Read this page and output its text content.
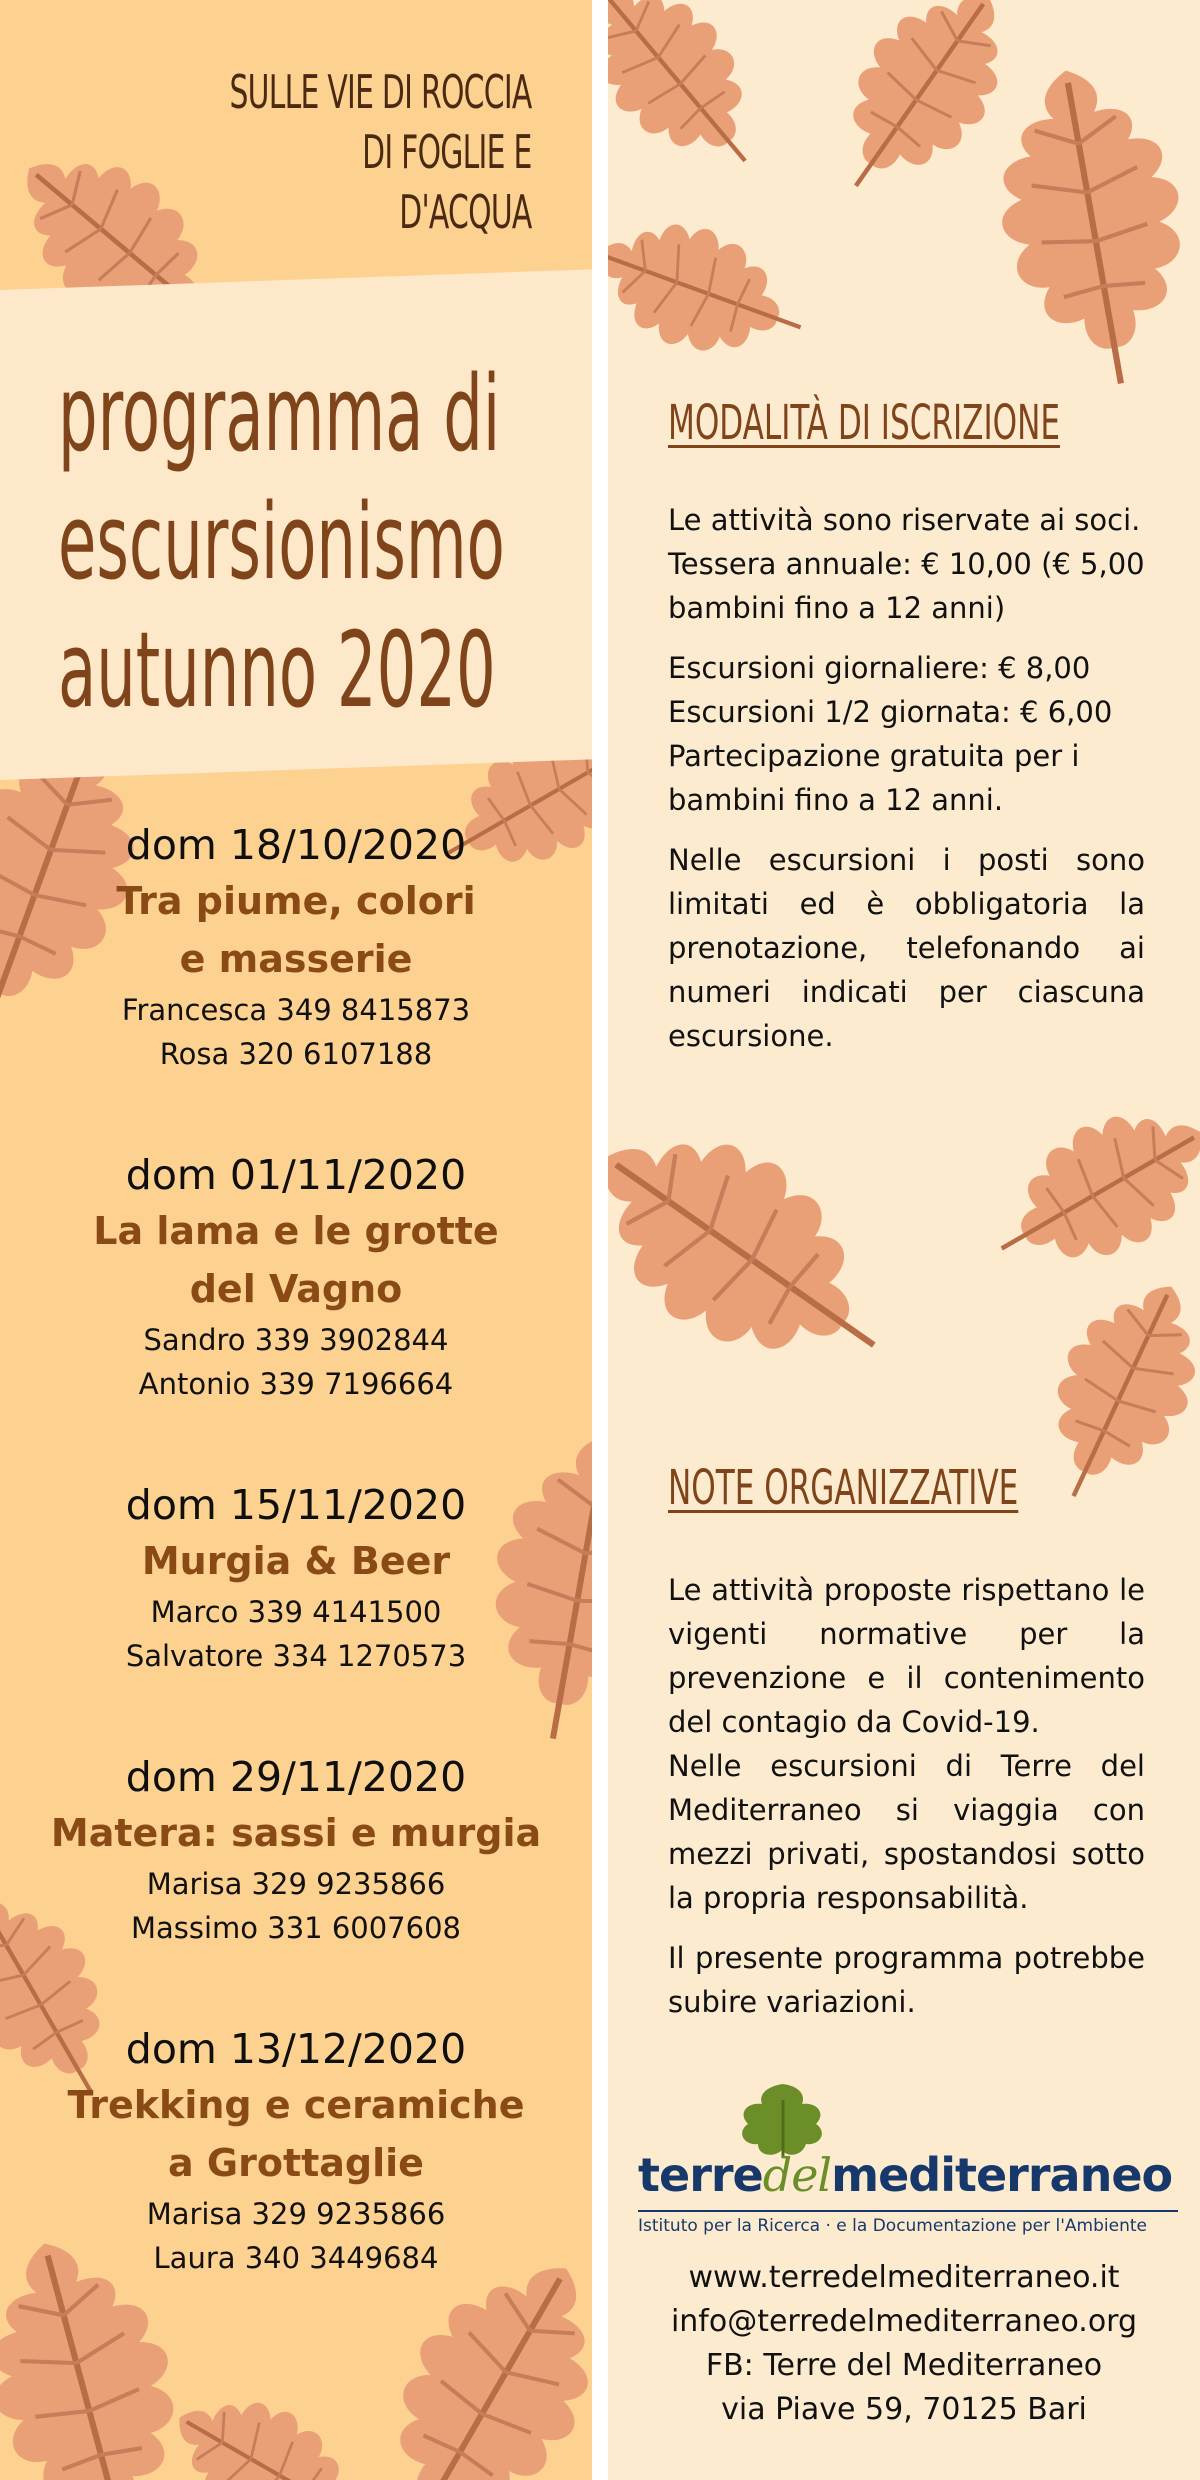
SULLE VIE DI ROCCIA
DI FOGLIE E
D'ACQUA
programma di
escursionismo
autunno 2020
dom 18/10/2020
Tra piume, colori
e masserie
Francesca 349 8415873
Rosa 320 6107188
dom 01/11/2020
La lama e le grotte
del Vagno
Sandro 339 3902844
Antonio 339 7196664
dom 15/11/2020
Murgia & Beer
Marco 339 4141500
Salvatore 334 1270573
dom 29/11/2020
Matera: sassi e murgia
Marisa 329 9235866
Massimo 331 6007608
dom 13/12/2020
Trekking e ceramiche
a Grottaglie
Marisa 329 9235866
Laura 340 3449684
MODALITÀ DI ISCRIZIONE

Le attività sono riservate ai soci. Tessera annuale: € 10,00 (€ 5,00 bambini fino a 12 anni)

Escursioni giornaliere: € 8,00
Escursioni 1/2 giornata: € 6,00
Partecipazione gratuita per i bambini fino a 12 anni.

Nelle escursioni i posti sono limitati ed è obbligatoria la prenotazione, telefonando ai numeri indicati per ciascuna escursione.

NOTE ORGANIZZATIVE
Le attività proposte rispettano le vigenti normative per la prevenzione e il contenimento del contagio da Covid-19.
Nelle escursioni di Terre del Mediterraneo si viaggia con mezzi privati, spostandosi sotto la propria responsabilità.
Il presente programma potrebbe subire variazioni.
terredelmediterraneo
Istituto per la Ricerca · e la Documentazione per l'Ambiente
www.terredelmediterraneo.it
info@terredelmediterraneo.org
FB: Terre del Mediterraneo
via Piave 59, 70125 Bari
